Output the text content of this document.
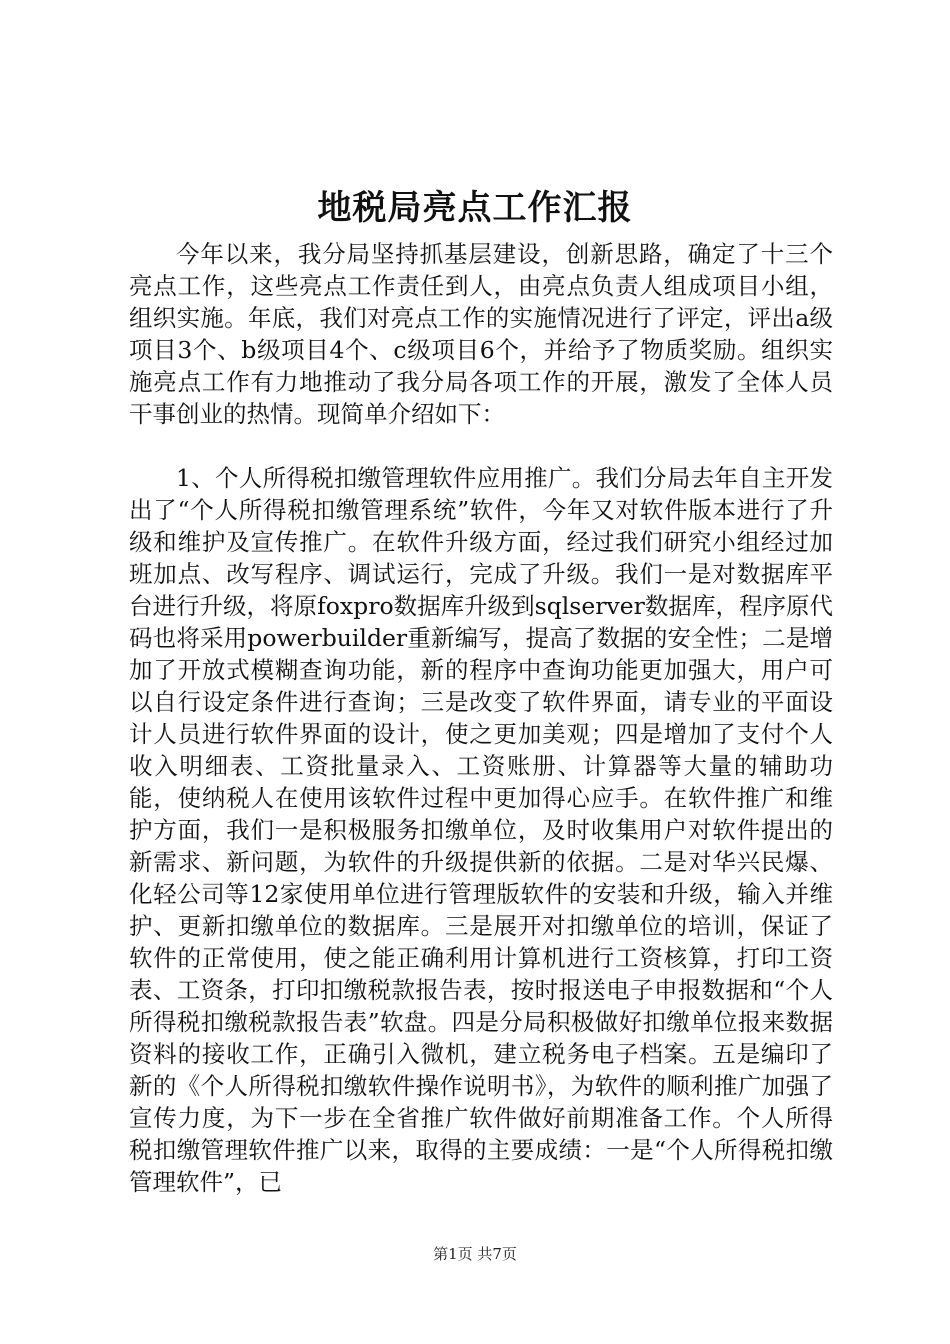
地税局亮点工作汇报

今年以来，我分局坚持抓基层建设，创新思路，确定了十三个亮点工作，这些亮点工作责任到人，由亮点负责人组成项目小组，组织实施。年底，我们对亮点工作的实施情况进行了评定，评出a级项目3个、b级项目4个、c级项目6个，并给予了物质奖励。组织实施亮点工作有力地推动了我分局各项工作的开展，激发了全体人员干事创业的热情。现简单介绍如下：

1、个人所得税扣缴管理软件应用推广。我们分局去年自主开发出了“个人所得税扣缴管理系统”软件，今年又对软件版本进行了升级和维护及宣传推广。在软件升级方面，经过我们研究小组经过加班加点、改写程序、调试运行，完成了升级。我们一是对数据库平台进行升级，将原foxpro数据库升级到sqlserver数据库，程序原代码也将采用powerbuilder重新编写，提高了数据的安全性；二是增加了开放式模糊查询功能，新的程序中查询功能更加强大，用户可以自行设定条件进行查询；三是改变了软件界面，请专业的平面设计人员进行软件界面的设计，使之更加美观；四是增加了支付个人收入明细表、工资批量录入、工资账册、计算器等大量的辅助功能，使纳税人在使用该软件过程中更加得心应手。在软件推广和维护方面，我们一是积极服务扣缴单位，及时收集用户对软件提出的新需求、新问题，为软件的升级提供新的依据。二是对华兴民爆、化轻公司等12家使用单位进行管理版软件的安装和升级，输入并维护、更新扣缴单位的数据库。三是展开对扣缴单位的培训，保证了软件的正常使用，使之能正确利用计算机进行工资核算，打印工资表、工资条，打印扣缴税款报告表，按时报送电子申报数据和“个人所得税扣缴税款报告表”软盘。四是分局积极做好扣缴单位报来数据资料的接收工作，正确引入微机，建立税务电子档案。五是编印了新的《个人所得税扣缴软件操作说明书》，为软件的顺利推广加强了宣传力度，为下一步在全省推广软件做好前期准备工作。个人所得税扣缴管理软件推广以来，取得的主要成绩：一是“个人所得税扣缴管理软件”，已

第1页 共7页
